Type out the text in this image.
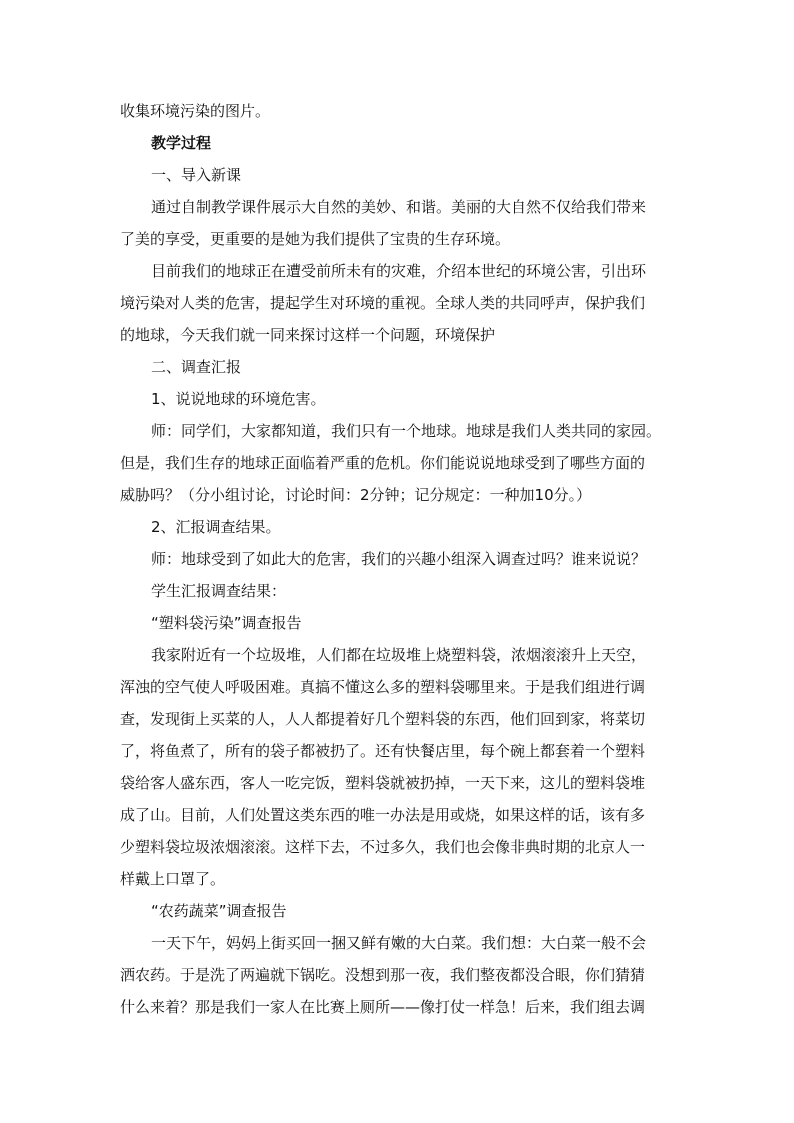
收集环境污染的图片。
教学过程
一、导入新课
通过自制教学课件展示大自然的美妙、和谐。美丽的大自然不仅给我们带来
了美的享受，更重要的是她为我们提供了宝贵的生存环境。
目前我们的地球正在遭受前所未有的灾难，介绍本世纪的环境公害，引出环
境污染对人类的危害，提起学生对环境的重视。全球人类的共同呼声，保护我们
的地球，今天我们就一同来探讨这样一个问题，环境保护
二、调查汇报
1、说说地球的环境危害。
师：同学们，大家都知道，我们只有一个地球。地球是我们人类共同的家园。
但是，我们生存的地球正面临着严重的危机。你们能说说地球受到了哪些方面的
威胁吗？（分小组讨论，讨论时间：2分钟；记分规定：一种加10分。）
2、汇报调查结果。
师：地球受到了如此大的危害，我们的兴趣小组深入调查过吗？谁来说说？
学生汇报调查结果：
“塑料袋污染”调查报告
我家附近有一个垃圾堆，人们都在垃圾堆上烧塑料袋，浓烟滚滚升上天空，
浑浊的空气使人呼吸困难。真搞不懂这么多的塑料袋哪里来。于是我们组进行调
查，发现街上买菜的人，人人都提着好几个塑料袋的东西，他们回到家，将菜切
了，将鱼煮了，所有的袋子都被扔了。还有快餐店里，每个碗上都套着一个塑料
袋给客人盛东西，客人一吃完饭，塑料袋就被扔掉，一天下来，这儿的塑料袋堆
成了山。目前，人们处置这类东西的唯一办法是用或烧，如果这样的话，该有多
少塑料袋垃圾浓烟滚滚。这样下去，不过多久，我们也会像非典时期的北京人一
样戴上口罩了。
“农药蔬菜”调查报告
一天下午，妈妈上街买回一捆又鲜有嫩的大白菜。我们想：大白菜一般不会
洒农药。于是洗了两遍就下锅吃。没想到那一夜，我们整夜都没合眼，你们猜猜
什么来着？那是我们一家人在比赛上厕所——像打仗一样急！后来，我们组去调
